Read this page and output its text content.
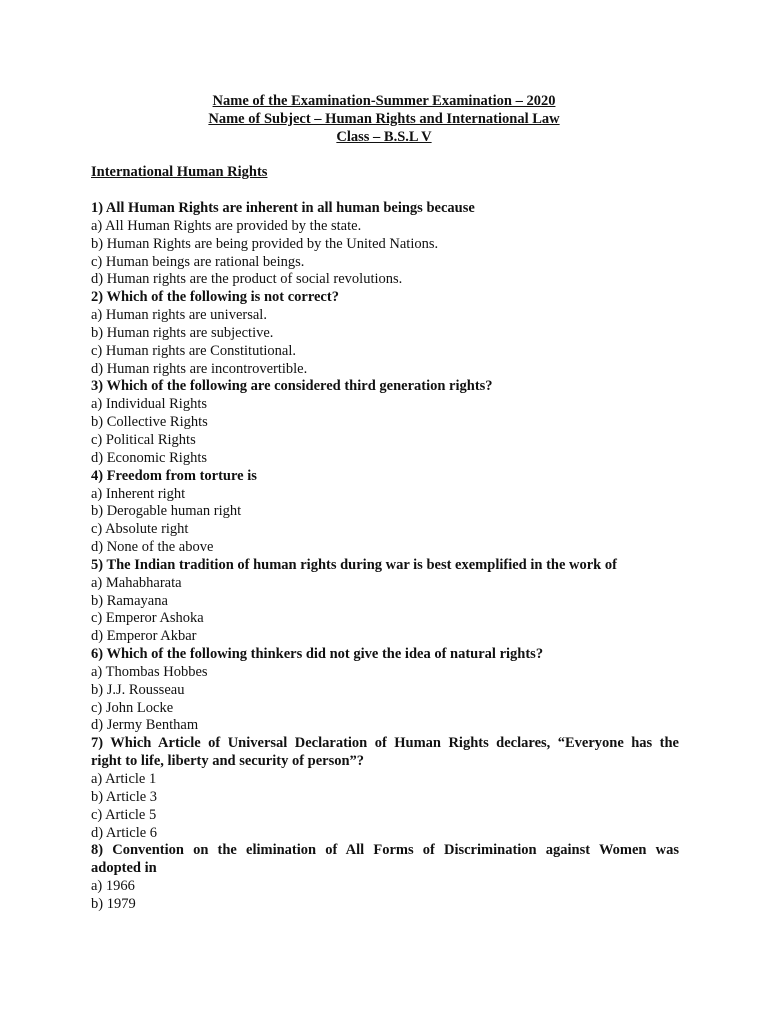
Name of the Examination-Summer Examination – 2020
Name of Subject – Human Rights and International Law
Class – B.S.L V
International Human Rights
1) All Human Rights are inherent in all human beings because
a) All Human Rights are provided by the state.
b) Human Rights are being provided by the United Nations.
c) Human beings are rational beings.
d) Human rights are the product of social revolutions.
2) Which of the following is not correct?
a) Human rights are universal.
b) Human rights are subjective.
c) Human rights are Constitutional.
d) Human rights are incontrovertible.
3) Which of the following are considered third generation rights?
a) Individual Rights
b) Collective Rights
c) Political Rights
d) Economic Rights
4) Freedom from torture is
a) Inherent right
b) Derogable human right
c) Absolute right
d) None of the above
5) The Indian tradition of human rights during war is best exemplified in the work of
a) Mahabharata
b) Ramayana
c) Emperor Ashoka
d) Emperor Akbar
6) Which of the following thinkers did not give the idea of natural rights?
a) Thombas Hobbes
b) J.J. Rousseau
c) John Locke
d) Jermy Bentham
7) Which Article of Universal Declaration of Human Rights declares, “Everyone has the
right to life, liberty and security of person”?
a) Article 1
b) Article 3
c) Article 5
d) Article 6
8) Convention on the elimination of All Forms of Discrimination against Women was
adopted in
a) 1966
b) 1979
